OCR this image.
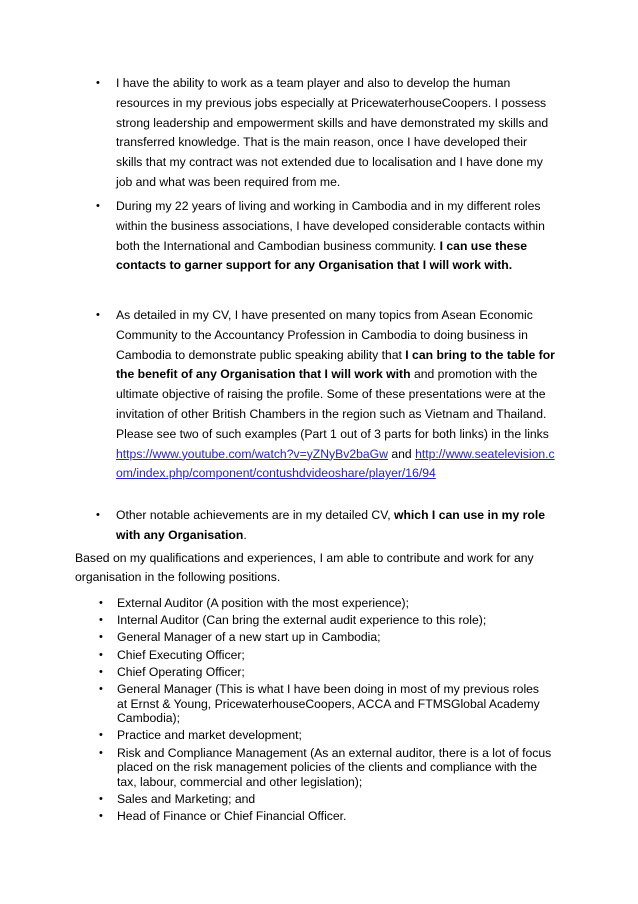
•
I have the ability to work as a team player and also to develop the human resources in my previous jobs especially at PricewaterhouseCoopers. I possess strong leadership and empowerment skills and have demonstrated my skills and transferred knowledge. That is the main reason, once I have developed their skills that my contract was not extended due to localisation and I have done my job and what was been required from me.
•
During my 22 years of living and working in Cambodia and in my different roles within the business associations, I have developed considerable contacts within both the International and Cambodian business community. I can use these contacts to garner support for any Organisation that I will work with.
•
As detailed in my CV, I have presented on many topics from Asean Economic Community to the Accountancy Profession in Cambodia to doing business in Cambodia to demonstrate public speaking ability that I can bring to the table for the benefit of any Organisation that I will work with and promotion with the ultimate objective of raising the profile. Some of these presentations were at the invitation of other British Chambers in the region such as Vietnam and Thailand. Please see two of such examples (Part 1 out of 3 parts for both links) in the links https://www.youtube.com/watch?v=yZNyBv2baGw and http://www.seatelevision.com/index.php/component/contushdvideoshare/player/16/94
•
Other notable achievements are in my detailed CV, which I can use in my role with any Organisation.
Based on my qualifications and experiences, I am able to contribute and work for any organisation in the following positions.
• External Auditor (A position with the most experience);
• Internal Auditor (Can bring the external audit experience to this role);
• General Manager of a new start up in Cambodia;
• Chief Executing Officer;
• Chief Operating Officer;
• General Manager (This is what I have been doing in most of my previous roles at Ernst & Young, PricewaterhouseCoopers, ACCA and FTMSGlobal Academy Cambodia);
• Practice and market development;
• Risk and Compliance Management (As an external auditor, there is a lot of focus placed on the risk management policies of the clients and compliance with the tax, labour, commercial and other legislation);
• Sales and Marketing; and
• Head of Finance or Chief Financial Officer.
